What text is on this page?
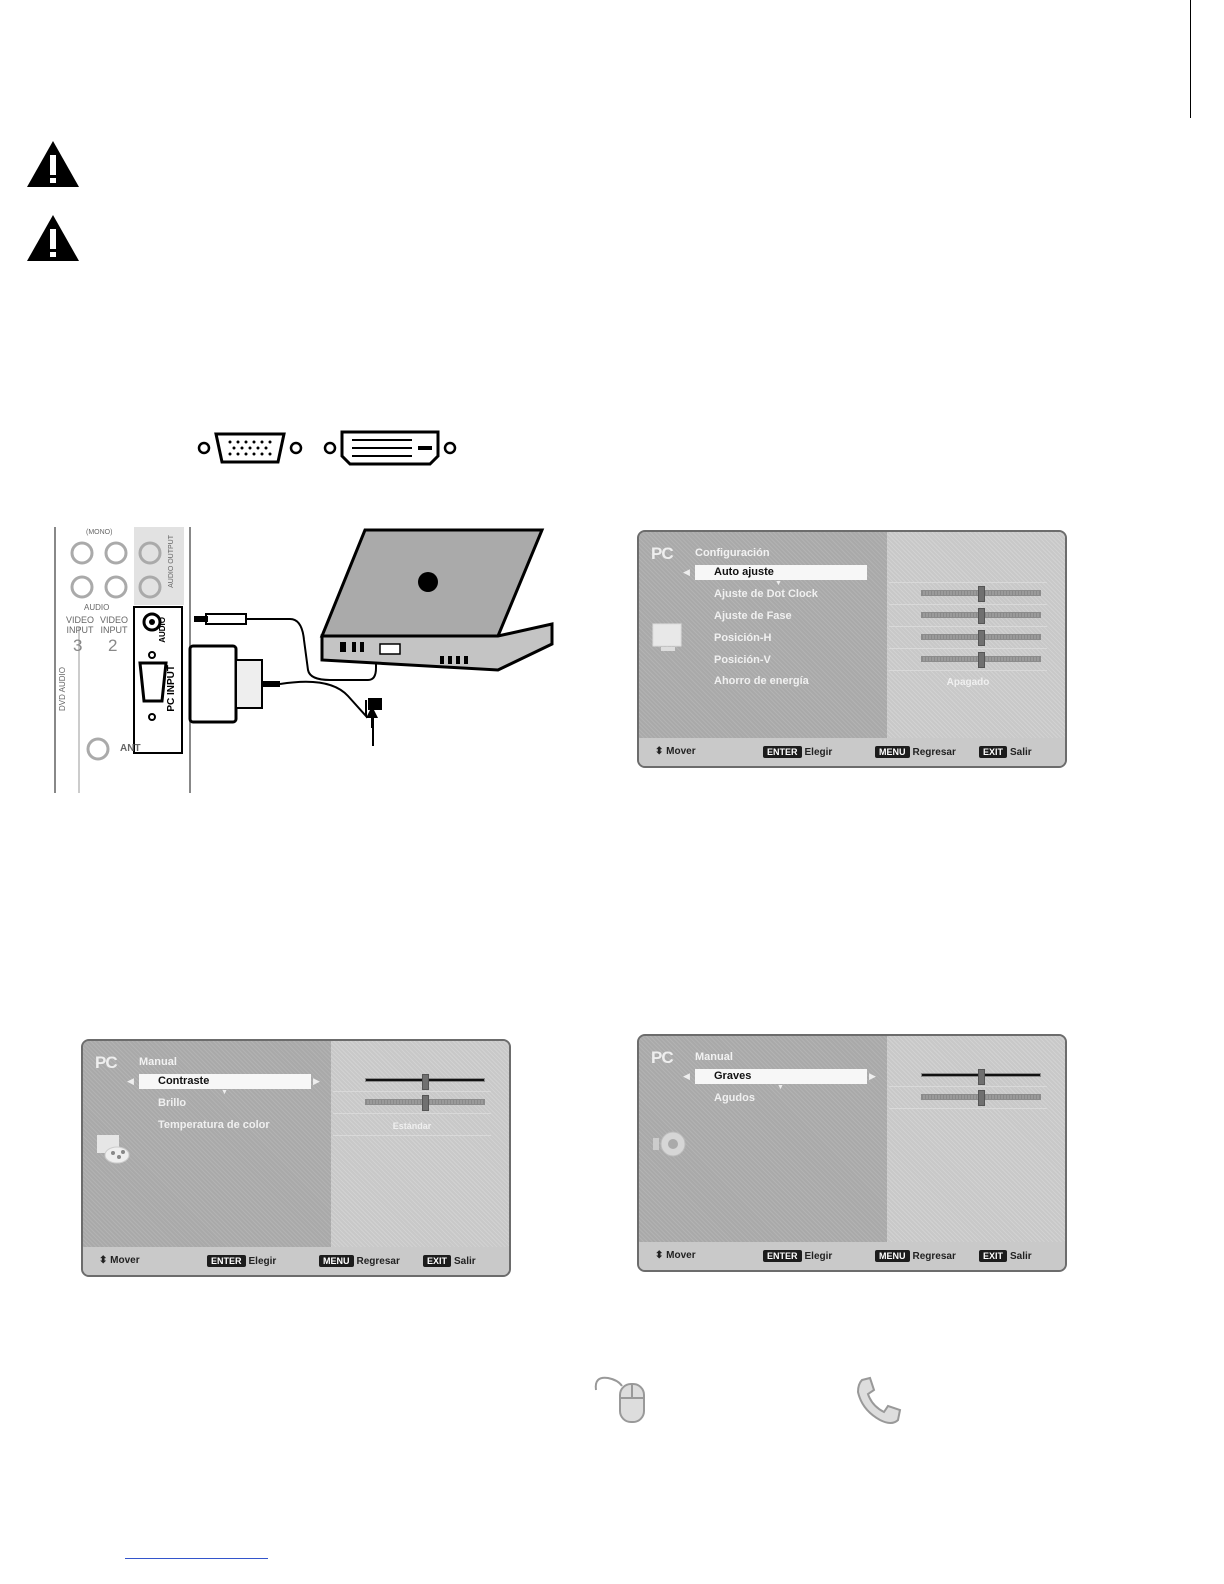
(MONO)
AUDIO
VIDEO INPUT
3
VIDEO INPUT
2
AUDIO
PC INPUT
DVD AUDIO
AUDIO OUTPUT
ANT
PC Configuración
◀ Auto ajuste
▼
Ajuste de Dot Clock
Ajuste de Fase
Posición-H
Posición-V
Ahorro de energía	Apagado
⬍ Mover	ENTER Elegir	MENU Regresar	EXIT Salir
PC Manual
◀	▶
Contraste
▼
Brillo
Temperatura de color	Estándar
⬍ Mover	ENTER Elegir	MENU Regresar	EXIT Salir
PC Manual
◀	▶
Graves
▼
Agudos
⬍ Mover	ENTER Elegir	MENU Regresar	EXIT Salir
